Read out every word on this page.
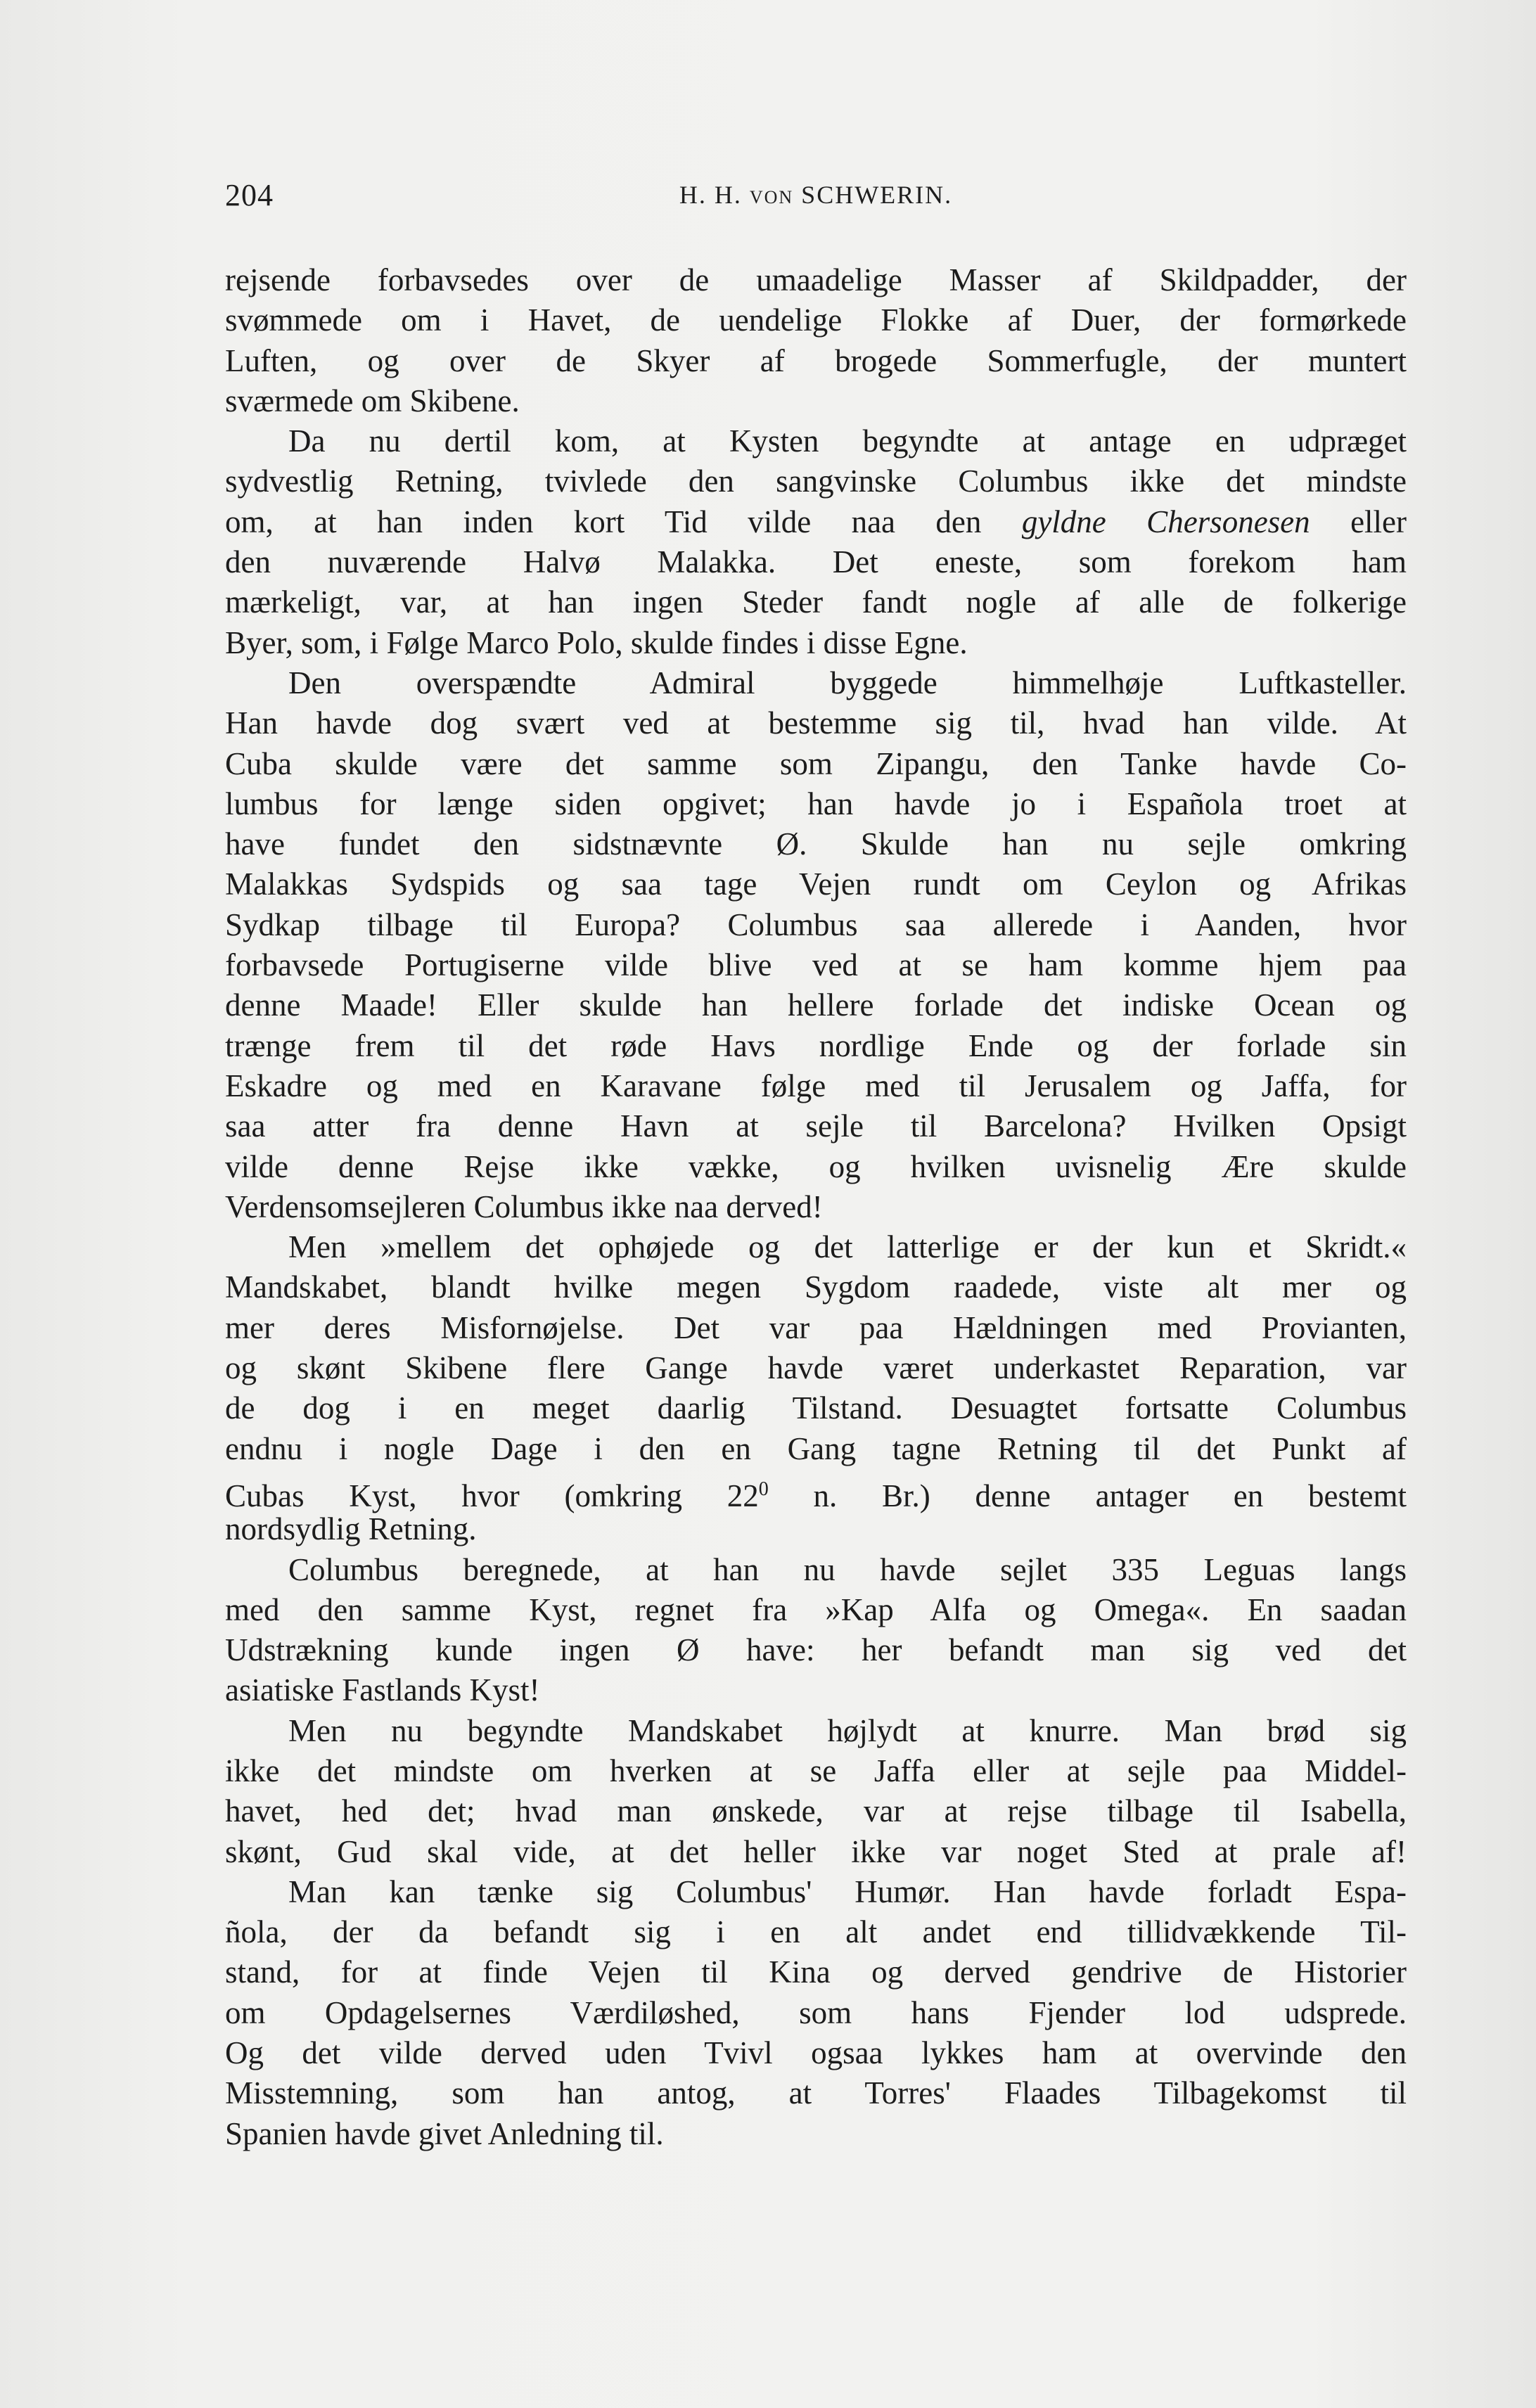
204	H. H. VON SCHWERIN.
rejsende forbavsedes over de umaadelige Masser af Skildpadder, der
svømmede om i Havet, de uendelige Flokke af Duer, der formørkede
Luften, og over de Skyer af brogede Sommerfugle, der muntert
sværmede om Skibene.
Da nu dertil kom, at Kysten begyndte at antage en udpræget
sydvestlig Retning, tvivlede den sangvinske Columbus ikke det mindste
om, at han inden kort Tid vilde naa den gyldne Chersonesen eller
den nuværende Halvø Malakka. Det eneste, som forekom ham
mærkeligt, var, at han ingen Steder fandt nogle af alle de folkerige
Byer, som, i Følge Marco Polo, skulde findes i disse Egne.
Den overspændte Admiral byggede himmelhøje Luftkasteller.
Han havde dog svært ved at bestemme sig til, hvad han vilde. At
Cuba skulde være det samme som Zipangu, den Tanke havde Co-
lumbus for længe siden opgivet; han havde jo i Española troet at
have fundet den sidstnævnte Ø. Skulde han nu sejle omkring
Malakkas Sydspids og saa tage Vejen rundt om Ceylon og Afrikas
Sydkap tilbage til Europa? Columbus saa allerede i Aanden, hvor
forbavsede Portugiserne vilde blive ved at se ham komme hjem paa
denne Maade! Eller skulde han hellere forlade det indiske Ocean og
trænge frem til det røde Havs nordlige Ende og der forlade sin
Eskadre og med en Karavane følge med til Jerusalem og Jaffa, for
saa atter fra denne Havn at sejle til Barcelona? Hvilken Opsigt
vilde denne Rejse ikke vække, og hvilken uvisnelig Ære skulde
Verdensomsejleren Columbus ikke naa derved!
Men »mellem det ophøjede og det latterlige er der kun et Skridt.«
Mandskabet, blandt hvilke megen Sygdom raadede, viste alt mer og
mer deres Misfornøjelse. Det var paa Hældningen med Provianten,
og skønt Skibene flere Gange havde været underkastet Reparation, var
de dog i en meget daarlig Tilstand. Desuagtet fortsatte Columbus
endnu i nogle Dage i den en Gang tagne Retning til det Punkt af
Cubas Kyst, hvor (omkring $22^0$ n. Br.) denne antager en bestemt
nordsydlig Retning.
Columbus beregnede, at han nu havde sejlet 335 Leguas langs
med den samme Kyst, regnet fra »Kap Alfa og Omega«. En saadan
Udstrækning kunde ingen Ø have: her befandt man sig ved det
asiatiske Fastlands Kyst!
Men nu begyndte Mandskabet højlydt at knurre. Man brød sig
ikke det mindste om hverken at se Jaffa eller at sejle paa Middel-
havet, hed det; hvad man ønskede, var at rejse tilbage til Isabella,
skønt, Gud skal vide, at det heller ikke var noget Sted at prale af!
Man kan tænke sig Columbus' Humør. Han havde forladt Espa-
ñola, der da befandt sig i en alt andet end tillidvækkende Til-
stand, for at finde Vejen til Kina og derved gendrive de Historier
om Opdagelsernes Værdiløshed, som hans Fjender lod udsprede.
Og det vilde derved uden Tvivl ogsaa lykkes ham at overvinde den
Misstemning, som han antog, at Torres' Flaades Tilbagekomst til
Spanien havde givet Anledning til.
